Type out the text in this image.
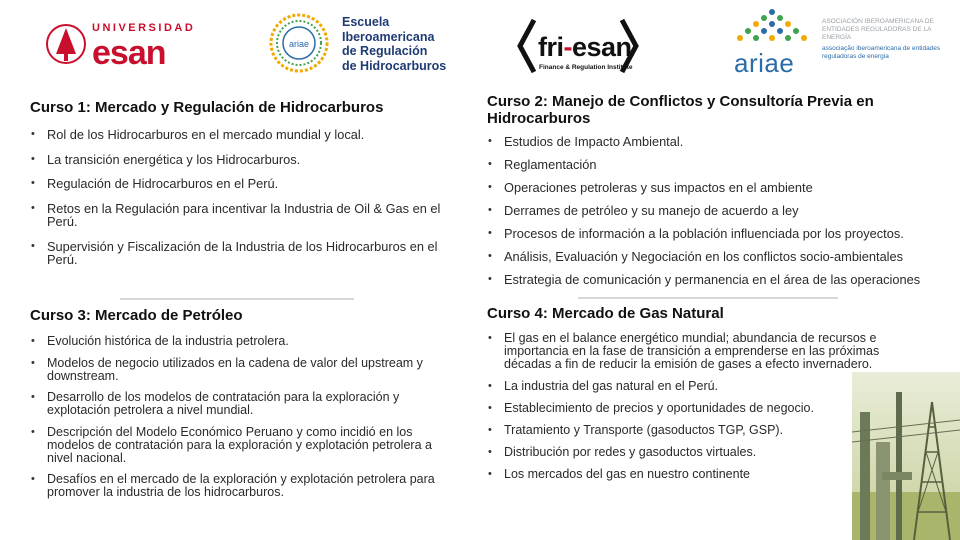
UNIVERSIDAD
esan	ariae
Escuela
Iberoamericana
de Regulación
de Hidrocarburos
fri-esan
Finance & Regulation Institute	ariae
ASOCIACIÓN IBEROAMERICANA DE ENTIDADES REGULADORAS DE LA ENERGÍA
associação iberoamericana de entidades reguladoras de energia
Curso 1: Mercado y Regulación de Hidrocarburos
• Rol de los Hidrocarburos en el mercado mundial y local.
• La transición energética y los Hidrocarburos.
• Regulación de Hidrocarburos en el Perú.
• Retos en la Regulación para incentivar la Industria de Oil & Gas en el Perú.
• Supervisión y Fiscalización de la Industria de los Hidrocarburos en el Perú.
Curso 2: Manejo de Conflictos y Consultoría Previa en Hidrocarburos
• Estudios de Impacto Ambiental.
• Reglamentación
• Operaciones petroleras y sus impactos en el ambiente
• Derrames de petróleo y su manejo de acuerdo a ley
• Procesos de información a la población influenciada por los proyectos.
• Análisis, Evaluación y Negociación en los conflictos socio-ambientales
• Estrategia de comunicación y permanencia en el área de las operaciones
Curso 3: Mercado de Petróleo
• Evolución histórica de la industria petrolera.
• Modelos de negocio utilizados en la cadena de valor del upstream y downstream.
• Desarrollo de los modelos de contratación para la exploración y explotación petrolera a nivel mundial.
• Descripción del Modelo Económico Peruano y como incidió en los modelos de contratación para la exploración y explotación petrolera a nivel nacional.
• Desafíos en el mercado de la exploración y explotación petrolera para promover la industria de los hidrocarburos.
Curso 4: Mercado de Gas Natural
• El gas en el balance energético mundial; abundancia de recursos e importancia en la fase de transición a emprenderse en las próximas décadas a fin de reducir la emisión de gases a efecto invernadero.
• La industria del gas natural en el Perú.
• Establecimiento de precios y oportunidades de negocio.
• Tratamiento y Transporte (gasoductos TGP, GSP).
• Distribución por redes y gasoductos virtuales.
• Los mercados del gas en nuestro continente
